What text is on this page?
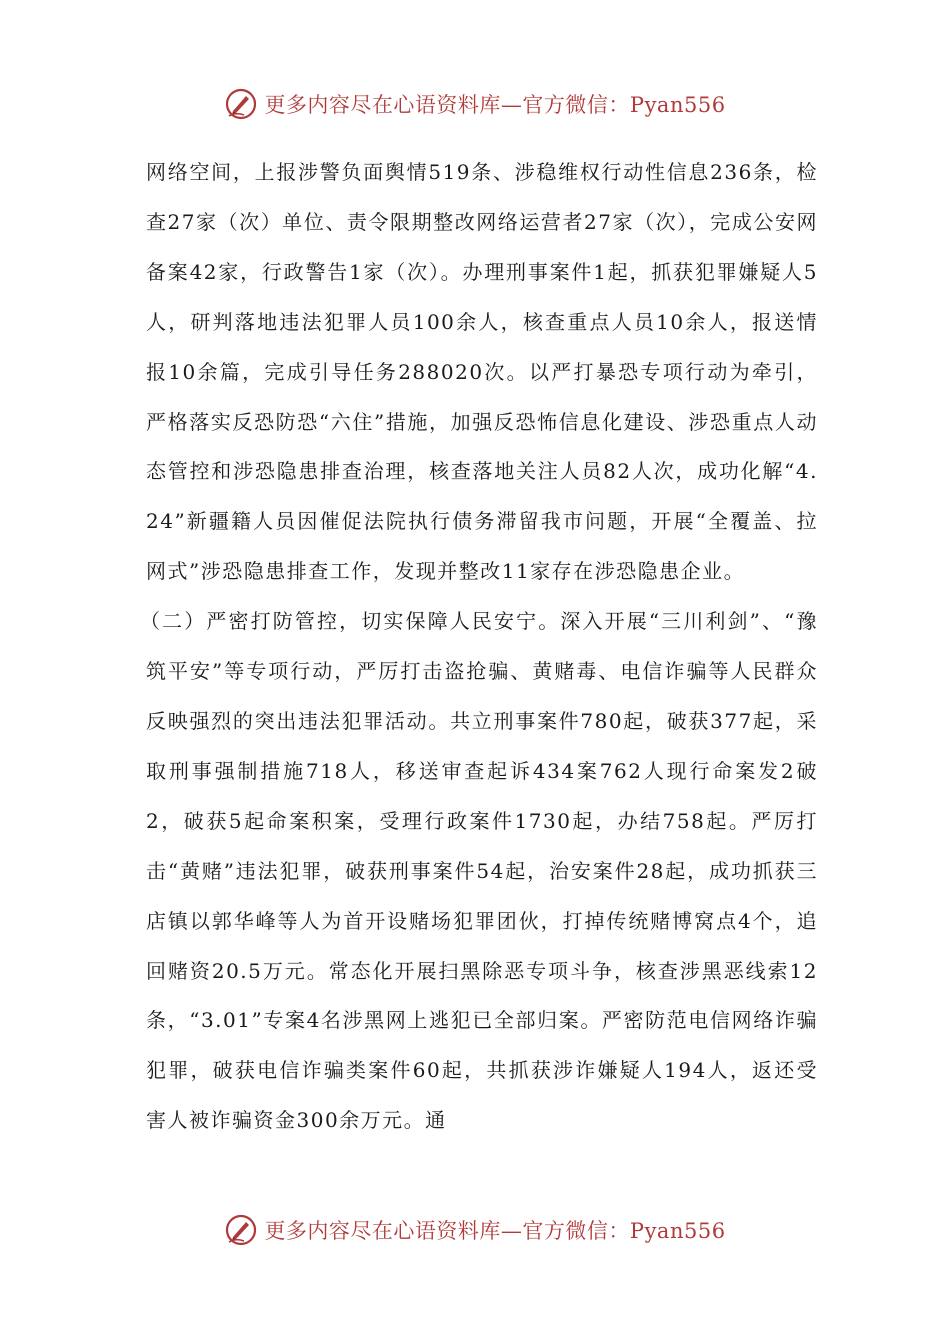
更多内容尽在心语资料库—官方微信：Pyan556

网络空间，上报涉警负面舆情519条、涉稳维权行动性信息236条，检查27家（次）单位、责令限期整改网络运营者27家（次），完成公安网备案42家，行政警告1家（次）。办理刑事案件1起，抓获犯罪嫌疑人5人，研判落地违法犯罪人员100余人，核查重点人员10余人，报送情报10余篇，完成引导任务288020次。以严打暴恐专项行动为牵引，严格落实反恐防恐“六住”措施，加强反恐怖信息化建设、涉恐重点人动态管控和涉恐隐患排查治理，核查落地关注人员82人次，成功化解“4.24”新疆籍人员因催促法院执行债务滞留我市问题，开展“全覆盖、拉网式”涉恐隐患排查工作，发现并整改11家存在涉恐隐患企业。

（二）严密打防管控，切实保障人民安宁。深入开展“三川利剑”、“豫筑平安”等专项行动，严厉打击盗抢骗、黄赌毒、电信诈骗等人民群众反映强烈的突出违法犯罪活动。共立刑事案件780起，破获377起，采取刑事强制措施718人，移送审查起诉434案762人现行命案发2破2，破获5起命案积案，受理行政案件1730起，办结758起。严厉打击“黄赌”违法犯罪，破获刑事案件54起，治安案件28起，成功抓获三店镇以郭华峰等人为首开设赌场犯罪团伙，打掉传统赌博窝点4个，追回赌资20.5万元。常态化开展扫黑除恶专项斗争，核查涉黑恶线索12条，“3.01”专案4名涉黑网上逃犯已全部归案。严密防范电信网络诈骗犯罪，破获电信诈骗类案件60起，共抓获涉诈嫌疑人194人，返还受害人被诈骗资金300余万元。通

更多内容尽在心语资料库—官方微信：Pyan556
